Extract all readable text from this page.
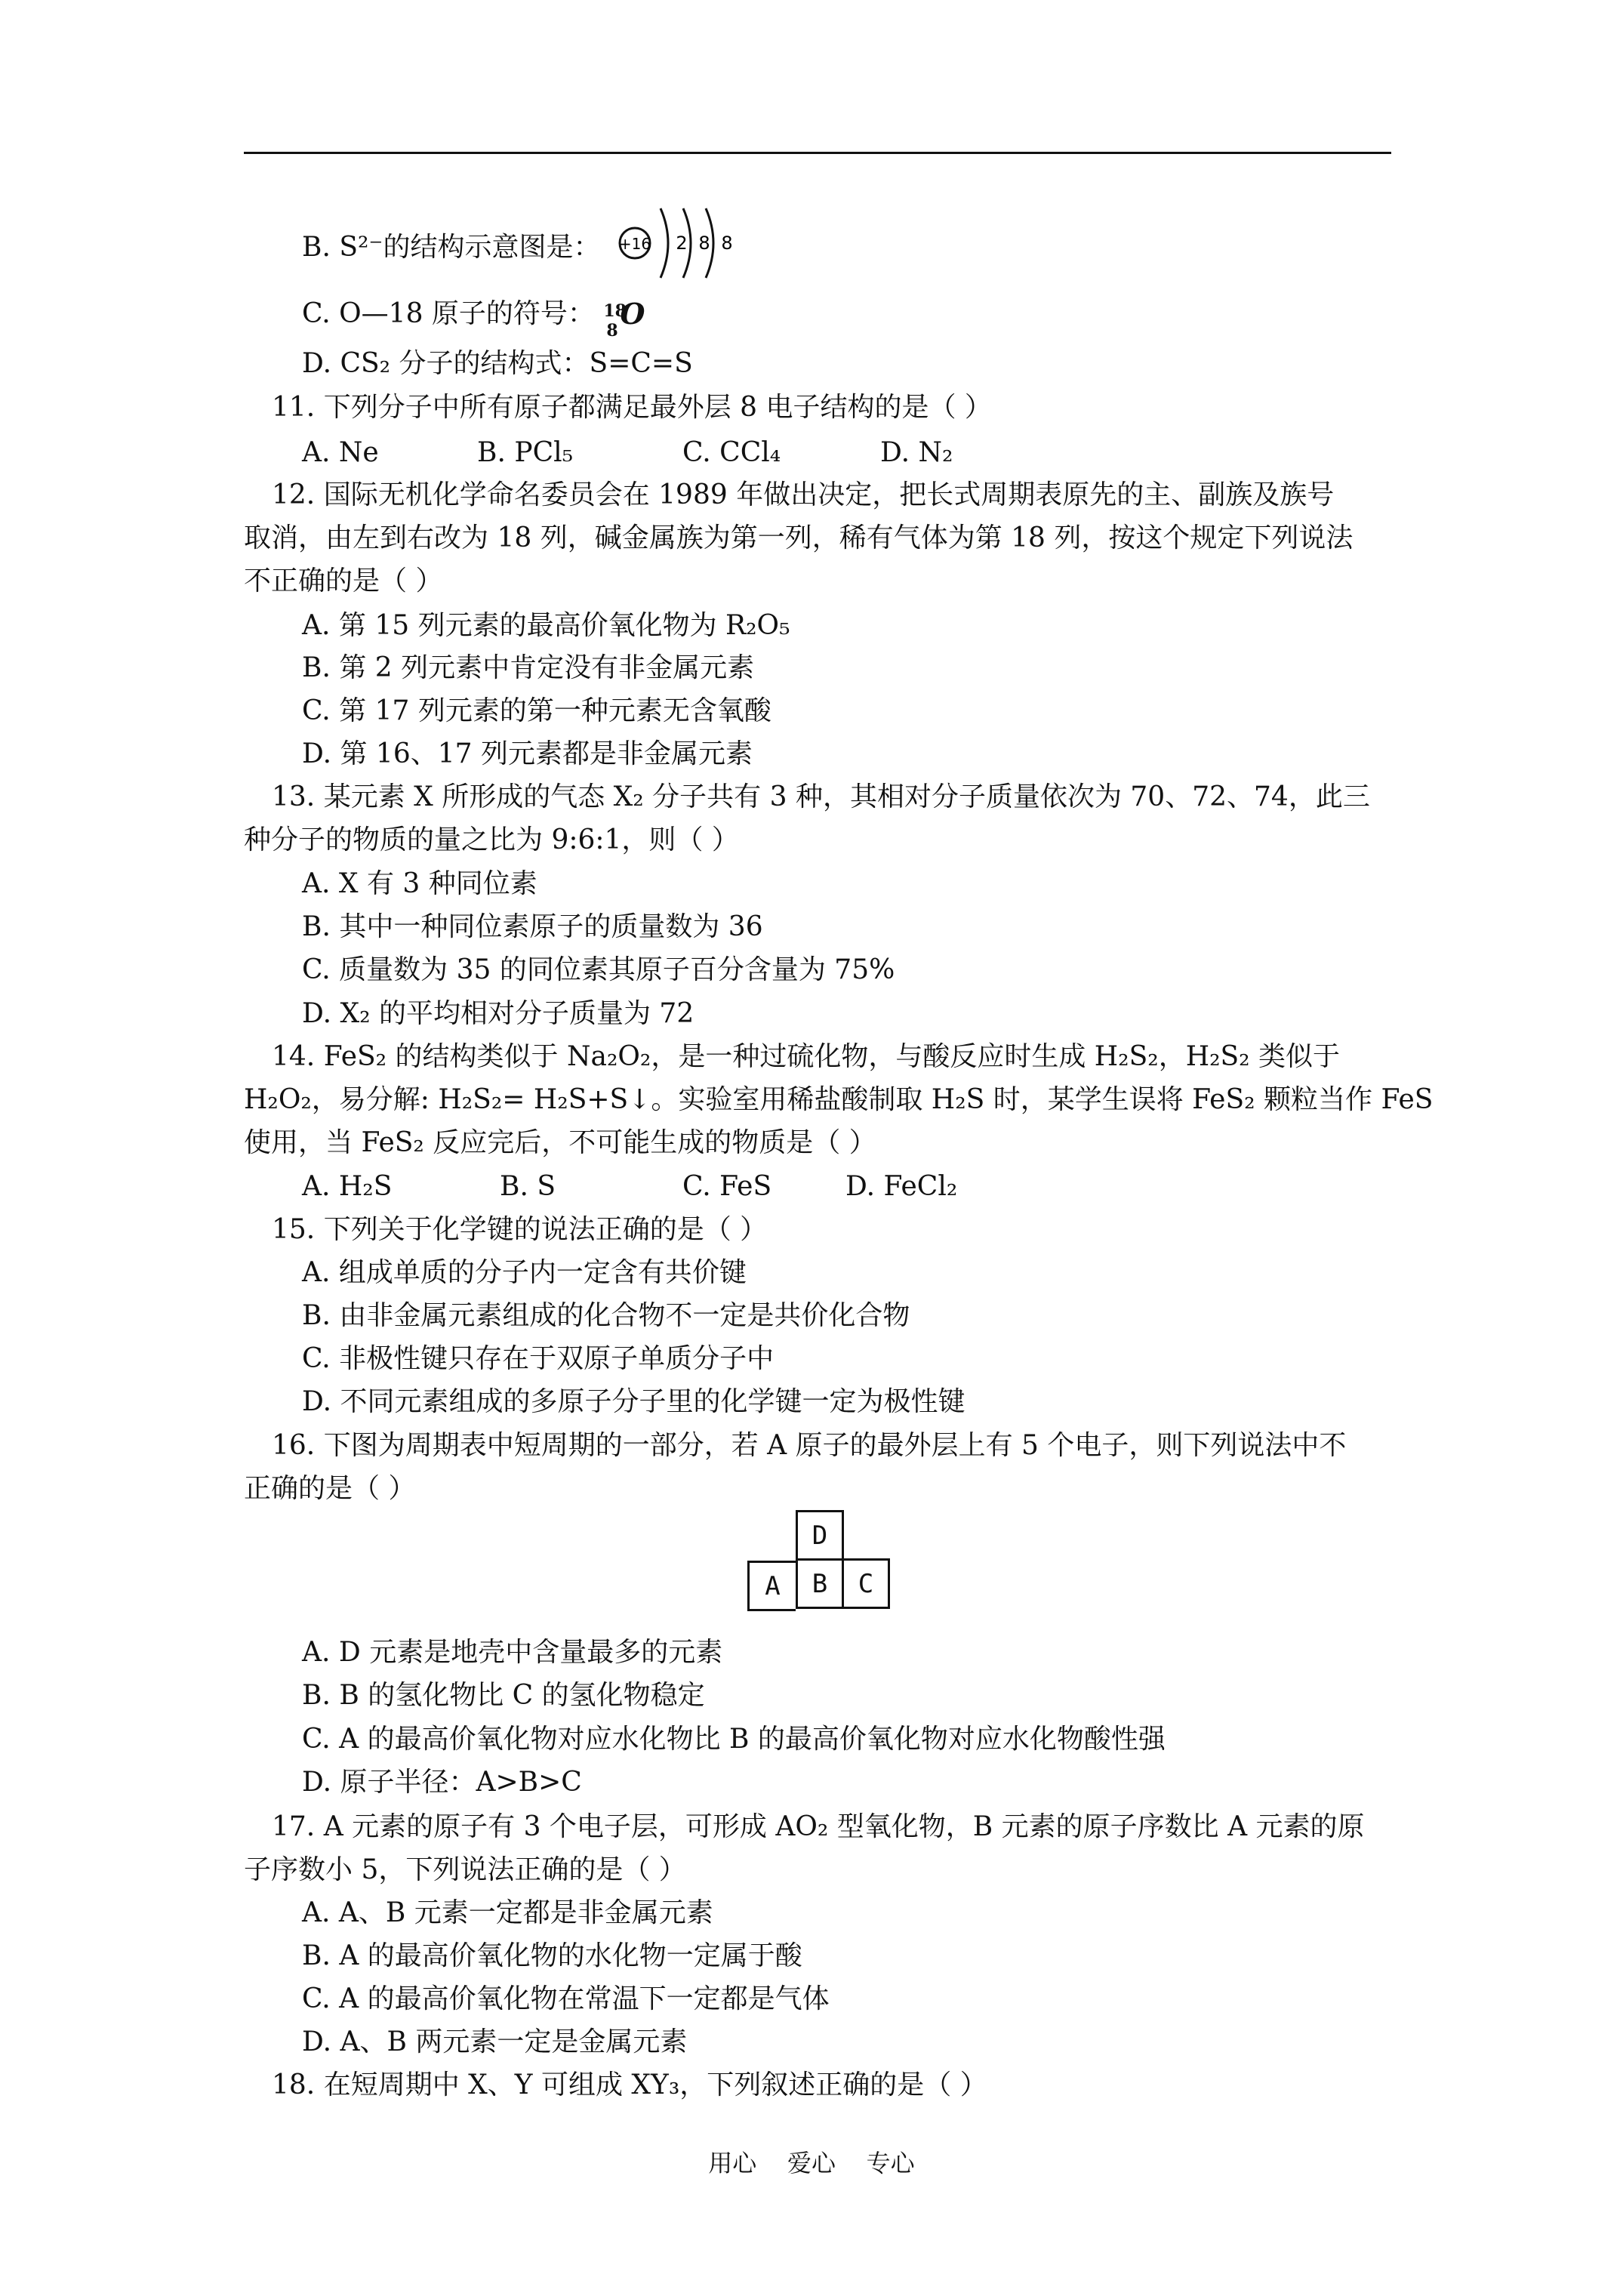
B. S²⁻的结构示意图是： +16 2 8 8
C. O—18 原子的符号： 18
8 O
D. CS₂ 分子的结构式：S=C=S
11. 下列分子中所有原子都满足最外层 8 电子结构的是（ ）
A. Ne	B. PCl₅	C. CCl₄	D. N₂
12. 国际无机化学命名委员会在 1989 年做出决定，把长式周期表原先的主、副族及族号
取消，由左到右改为 18 列，碱金属族为第一列，稀有气体为第 18 列，按这个规定下列说法
不正确的是（ ）
A. 第 15 列元素的最高价氧化物为 R₂O₅
B. 第 2 列元素中肯定没有非金属元素
C. 第 17 列元素的第一种元素无含氧酸
D. 第 16、17 列元素都是非金属元素
13. 某元素 X 所形成的气态 X₂ 分子共有 3 种，其相对分子质量依次为 70、72、74，此三
种分子的物质的量之比为 9:6:1，则（ ）
A. X 有 3 种同位素
B. 其中一种同位素原子的质量数为 36
C. 质量数为 35 的同位素其原子百分含量为 75%
D. X₂ 的平均相对分子质量为 72
14. FeS₂ 的结构类似于 Na₂O₂，是一种过硫化物，与酸反应时生成 H₂S₂，H₂S₂ 类似于
H₂O₂，易分解: H₂S₂= H₂S+S↓。实验室用稀盐酸制取 H₂S 时，某学生误将 FeS₂ 颗粒当作 FeS
使用，当 FeS₂ 反应完后，不可能生成的物质是（ ）
A. H₂S	B. S	C. FeS	D. FeCl₂
15. 下列关于化学键的说法正确的是（ ）
A. 组成单质的分子内一定含有共价键
B. 由非金属元素组成的化合物不一定是共价化合物
C. 非极性键只存在于双原子单质分子中
D. 不同元素组成的多原子分子里的化学键一定为极性键
16. 下图为周期表中短周期的一部分，若 A 原子的最外层上有 5 个电子，则下列说法中不
正确的是（ ）
D
A	B	C
A. D 元素是地壳中含量最多的元素
B. B 的氢化物比 C 的氢化物稳定
C. A 的最高价氧化物对应水化物比 B 的最高价氧化物对应水化物酸性强
D. 原子半径：A>B>C
17. A 元素的原子有 3 个电子层，可形成 AO₂ 型氧化物，B 元素的原子序数比 A 元素的原
子序数小 5，下列说法正确的是（ ）
A. A、B 元素一定都是非金属元素
B. A 的最高价氧化物的水化物一定属于酸
C. A 的最高价氧化物在常温下一定都是气体
D. A、B 两元素一定是金属元素
18. 在短周期中 X、Y 可组成 XY₃，下列叙述正确的是（ ）
用心    爱心    专心
